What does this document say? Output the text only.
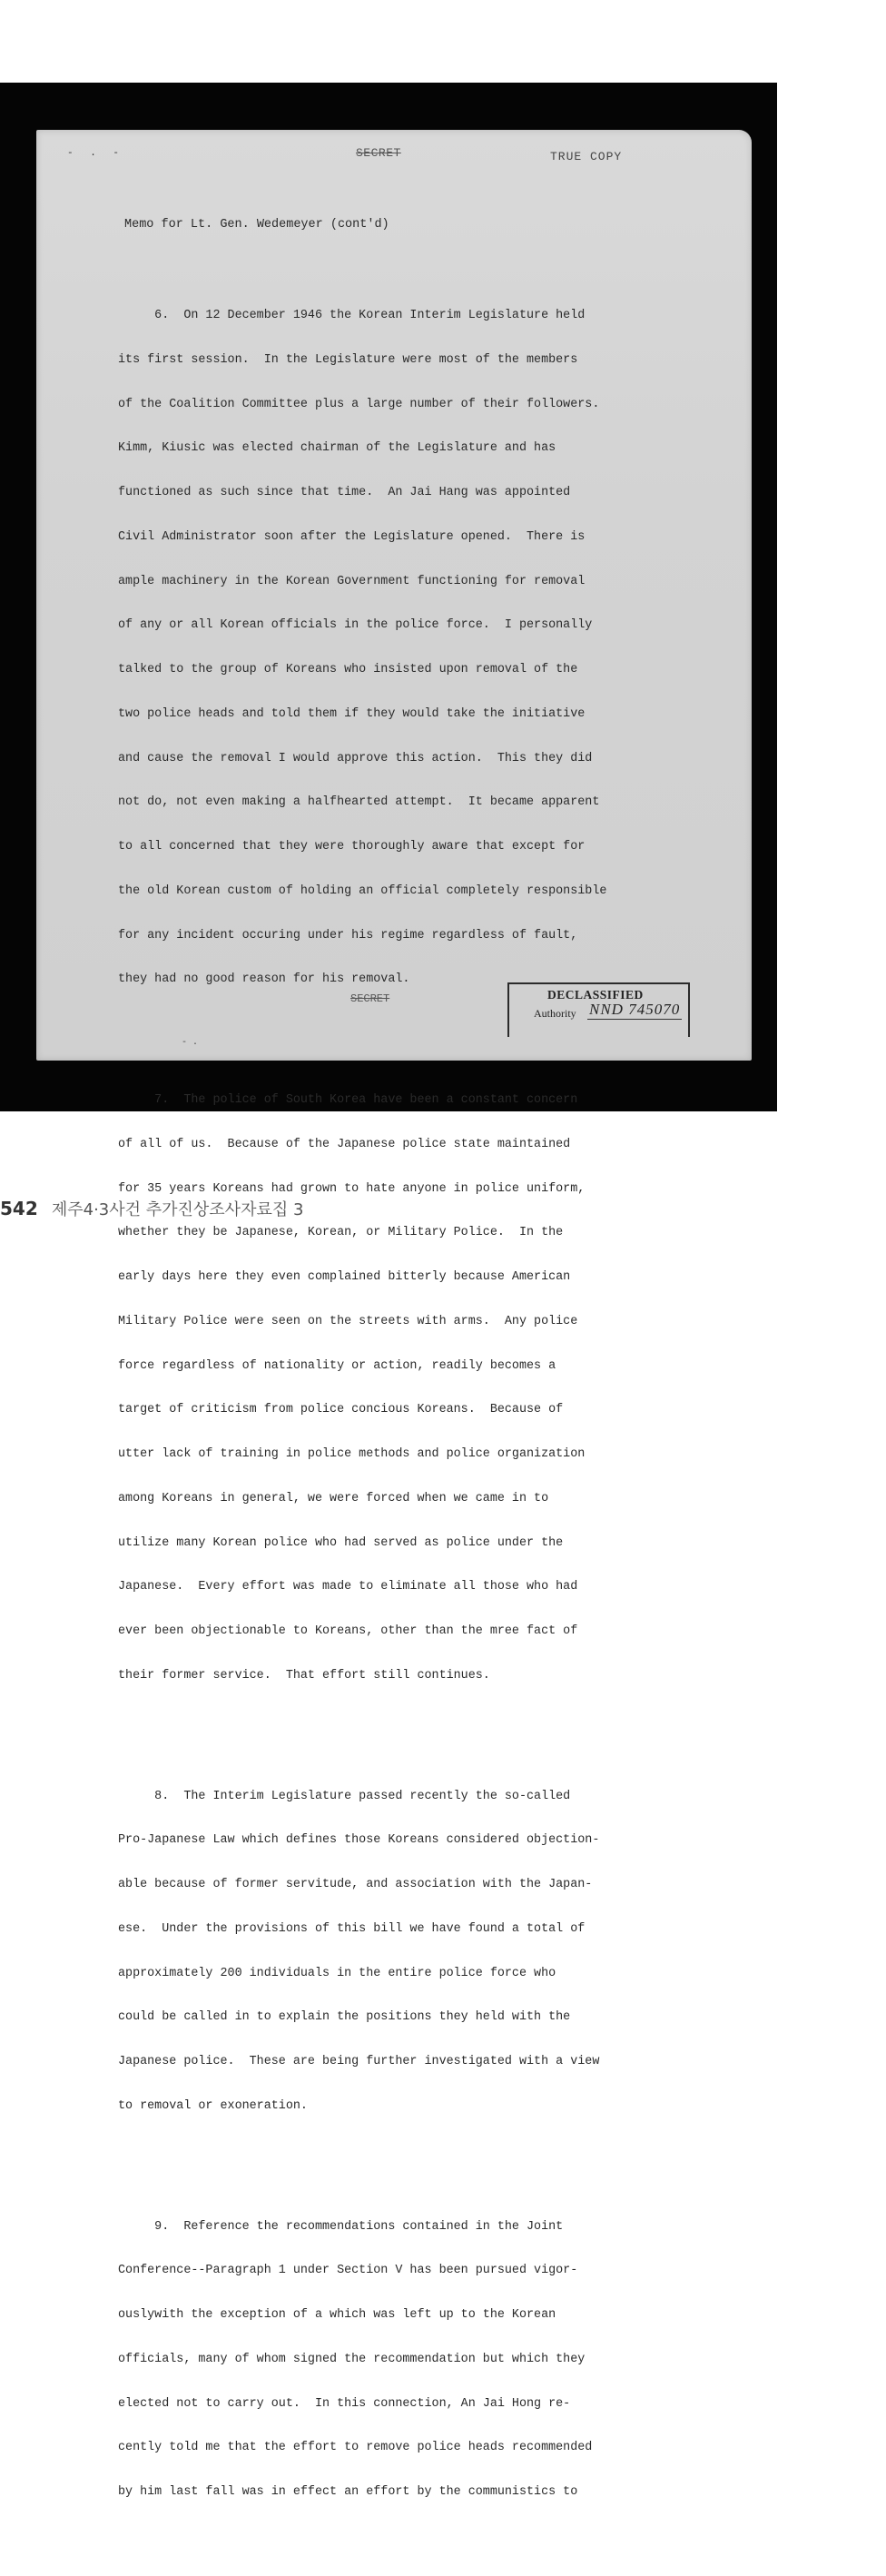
- . -	SECRET	TRUE COPY
Memo for Lt. Gen. Wedemeyer (cont'd)

6.  On 12 December 1946 the Korean Interim Legislature held

its first session.  In the Legislature were most of the members

of the Coalition Committee plus a large number of their followers.

Kimm, Kiusic was elected chairman of the Legislature and has

functioned as such since that time.  An Jai Hang was appointed

Civil Administrator soon after the Legislature opened.  There is

ample machinery in the Korean Government functioning for removal

of any or all Korean officials in the police force.  I personally

talked to the group of Koreans who insisted upon removal of the

two police heads and told them if they would take the initiative

and cause the removal I would approve this action.  This they did

not do, not even making a halfhearted attempt.  It became apparent

to all concerned that they were thoroughly aware that except for

the old Korean custom of holding an official completely responsible

for any incident occuring under his regime regardless of fault,

they had no good reason for his removal.

7.  The police of South Korea have been a constant concern

of all of us.  Because of the Japanese police state maintained

for 35 years Koreans had grown to hate anyone in police uniform,

whether they be Japanese, Korean, or Military Police.  In the

early days here they even complained bitterly because American

Military Police were seen on the streets with arms.  Any police

force regardless of nationality or action, readily becomes a

target of criticism from police concious Koreans.  Because of

utter lack of training in police methods and police organization

among Koreans in general, we were forced when we came in to

utilize many Korean police who had served as police under the

Japanese.  Every effort was made to eliminate all those who had

ever been objectionable to Koreans, other than the mree fact of

their former service.  That effort still continues.

8.  The Interim Legislature passed recently the so-called

Pro-Japanese Law which defines those Koreans considered objection-

able because of former servitude, and association with the Japan-

ese.  Under the provisions of this bill we have found a total of

approximately 200 individuals in the entire police force who

could be called in to explain the positions they held with the

Japanese police.  These are being further investigated with a view

to removal or exoneration.

9.  Reference the recommendations contained in the Joint

Conference--Paragraph 1 under Section V has been pursued vigor-

ouslywith the exception of a which was left up to the Korean

officials, many of whom signed the recommendation but which they

elected not to carry out.  In this connection, An Jai Hong re-

cently told me that the effort to remove police heads recommended

by him last fall was in effect an effort by the communistics to

SECRET	DECLASSIFIED
Authority NND 745070
- .
542 제주4·3사건 추가진상조사자료집 3
